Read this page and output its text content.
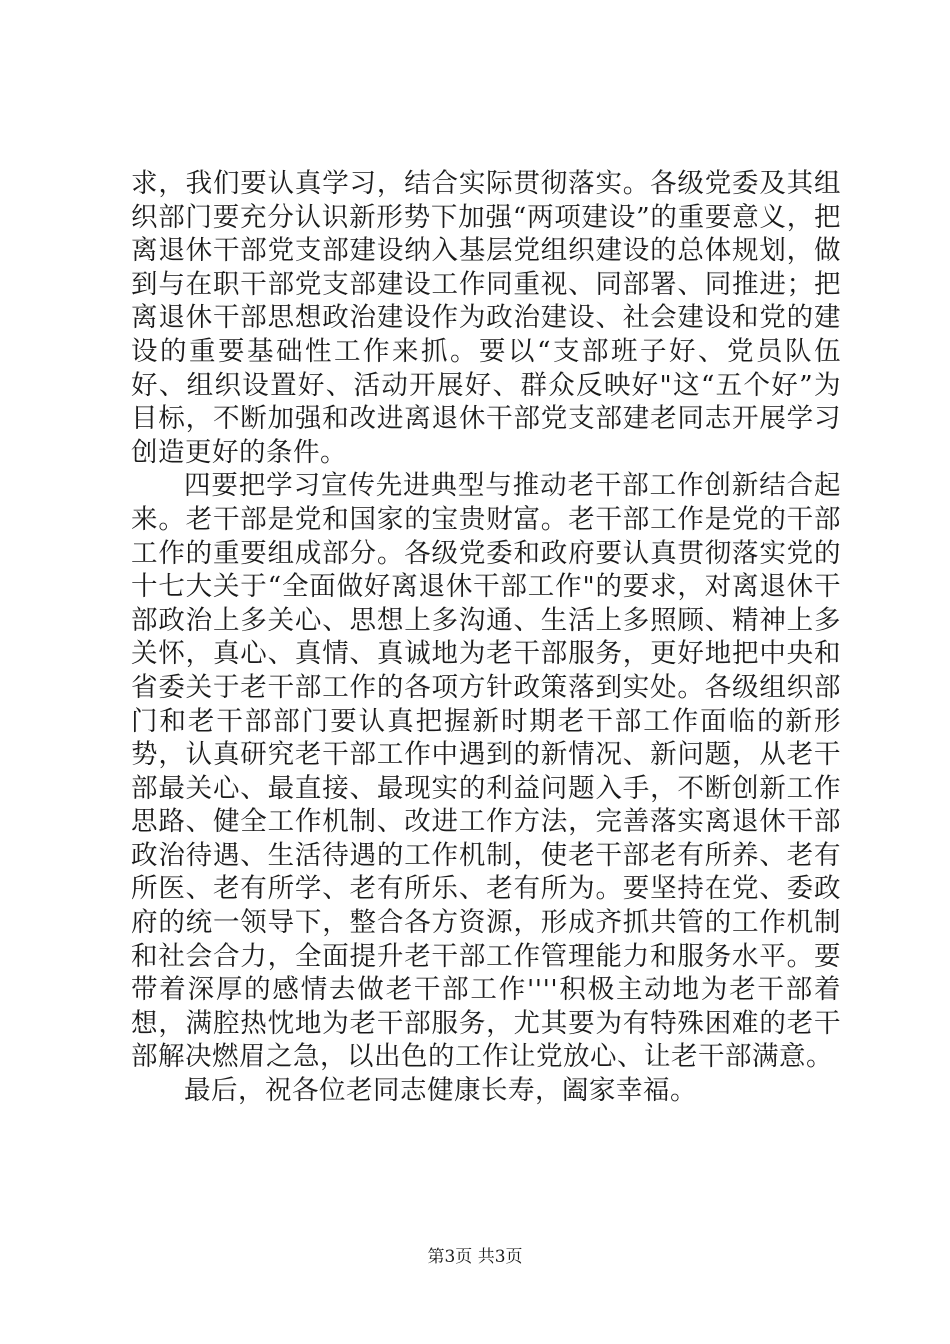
求，我们要认真学习，结合实际贯彻落实。各级党委及其组织部门要充分认识新形势下加强“两项建设”的重要意义，把离退休干部党支部建设纳入基层党组织建设的总体规划，做到与在职干部党支部建设工作同重视、同部署、同推进；把离退休干部思想政治建设作为政治建设、社会建设和党的建设的重要基础性工作来抓。要以“支部班子好、党员队伍好、组织设置好、活动开展好、群众反映好"这“五个好”为目标，不断加强和改进离退休干部党支部建老同志开展学习创造更好的条件。

四要把学习宣传先进典型与推动老干部工作创新结合起来。老干部是党和国家的宝贵财富。老干部工作是党的干部工作的重要组成部分。各级党委和政府要认真贯彻落实党的十七大关于“全面做好离退休干部工作"的要求，对离退休干部政治上多关心、思想上多沟通、生活上多照顾、精神上多关怀，真心、真情、真诚地为老干部服务，更好地把中央和省委关于老干部工作的各项方针政策落到实处。各级组织部门和老干部部门要认真把握新时期老干部工作面临的新形势，认真研究老干部工作中遇到的新情况、新问题，从老干部最关心、最直接、最现实的利益问题入手，不断创新工作思路、健全工作机制、改进工作方法，完善落实离退休干部政治待遇、生活待遇的工作机制，使老干部老有所养、老有所医、老有所学、老有所乐、老有所为。要坚持在党、委政府的统一领导下，整合各方资源，形成齐抓共管的工作机制和社会合力，全面提升老干部工作管理能力和服务水平。要带着深厚的感情去做老干部工作''''积极主动地为老干部着想，满腔热忱地为老干部服务，尤其要为有特殊困难的老干部解决燃眉之急，以出色的工作让党放心、让老干部满意。

最后，祝各位老同志健康长寿，阖家幸福。

第3页 共3页
